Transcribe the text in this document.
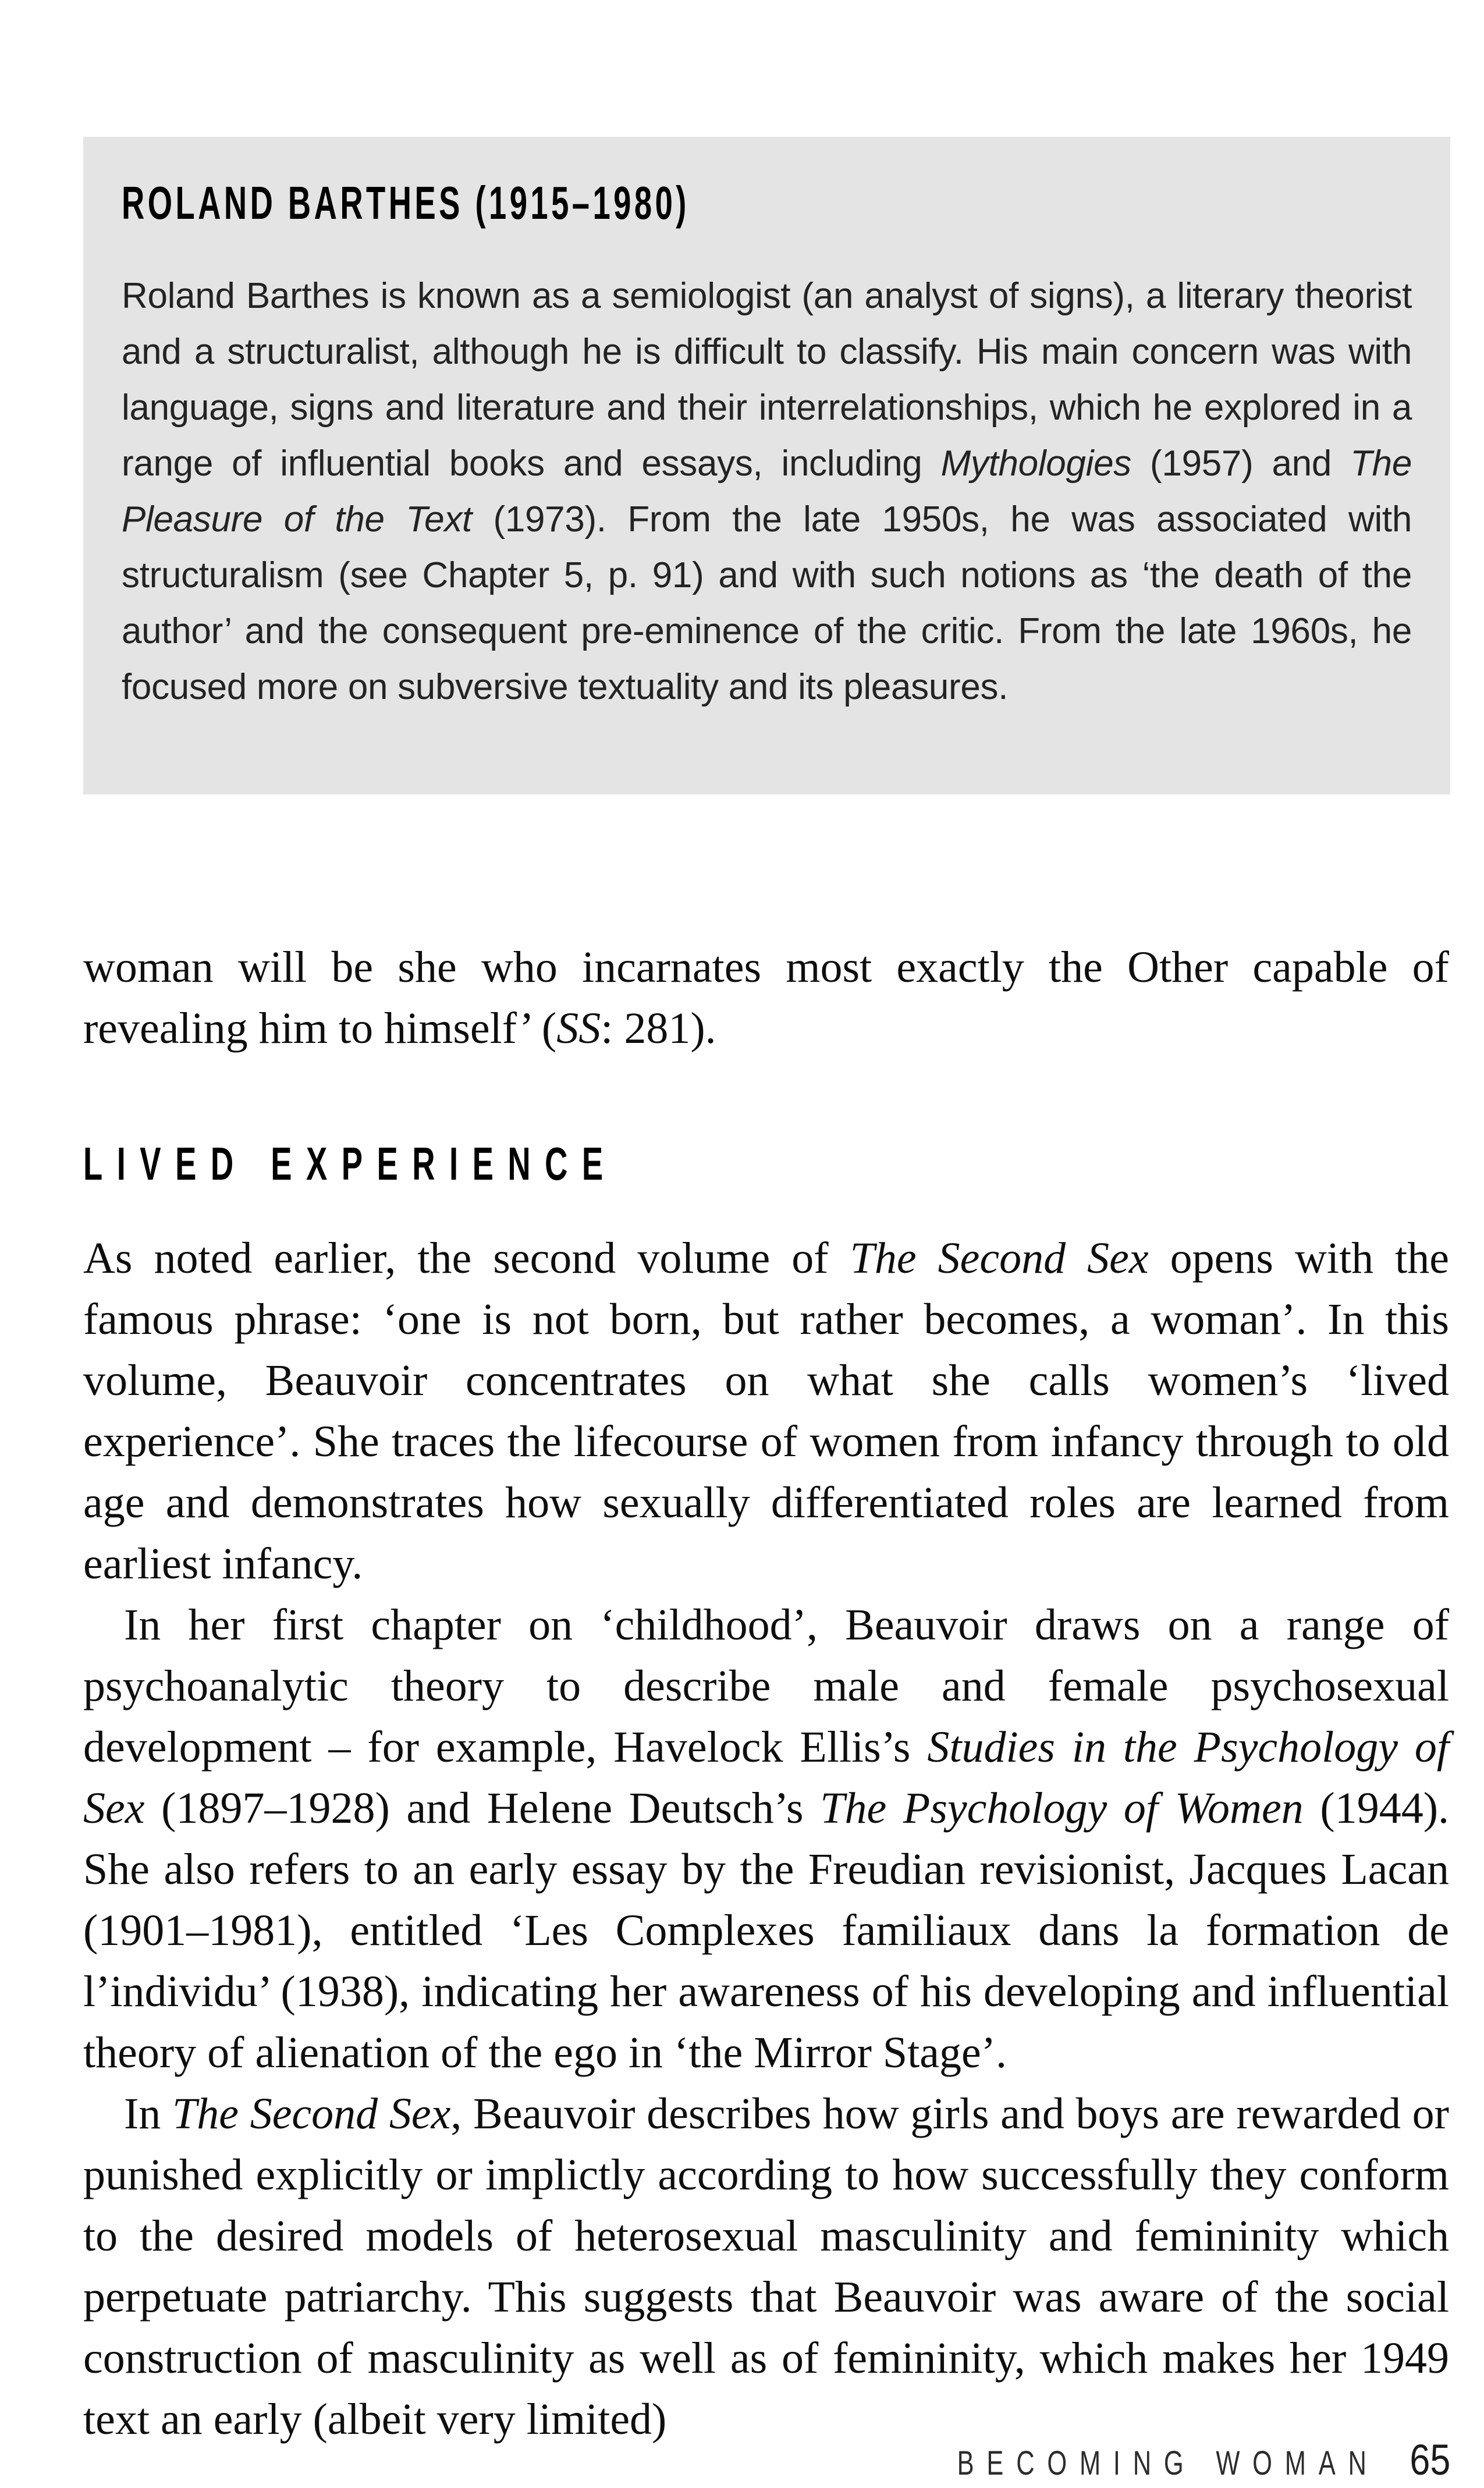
ROLAND BARTHES (1915–1980)

Roland Barthes is known as a semiologist (an analyst of signs), a literary theorist and a structuralist, although he is difficult to classify. His main concern was with language, signs and literature and their interrelationships, which he explored in a range of influential books and essays, including Mythologies (1957) and The Pleasure of the Text (1973). From the late 1950s, he was associated with structuralism (see Chapter 5, p. 91) and with such notions as ‘the death of the author’ and the consequent pre-eminence of the critic. From the late 1960s, he focused more on subversive textuality and its pleasures.

woman will be she who incarnates most exactly the Other capable of revealing him to himself’ (SS: 281).

LIVED EXPERIENCE

As noted earlier, the second volume of The Second Sex opens with the famous phrase: ‘one is not born, but rather becomes, a woman’. In this volume, Beauvoir concentrates on what she calls women’s ‘lived experience’. She traces the lifecourse of women from infancy through to old age and demonstrates how sexually differentiated roles are learned from earliest infancy.

In her first chapter on ‘childhood’, Beauvoir draws on a range of psychoanalytic theory to describe male and female psychosexual development – for example, Havelock Ellis’s Studies in the Psychology of Sex (1897–1928) and Helene Deutsch’s The Psychology of Women (1944). She also refers to an early essay by the Freudian revisionist, Jacques Lacan (1901–1981), entitled ‘Les Complexes familiaux dans la formation de l’individu’ (1938), indicating her awareness of his developing and influential theory of alienation of the ego in ‘the Mirror Stage’.

In The Second Sex, Beauvoir describes how girls and boys are rewarded or punished explicitly or implictly according to how successfully they conform to the desired models of heterosexual masculinity and femininity which perpetuate patriarchy. This suggests that Beauvoir was aware of the social construction of masculinity as well as of femininity, which makes her 1949 text an early (albeit very limited)

BECOMING WOMAN 65
